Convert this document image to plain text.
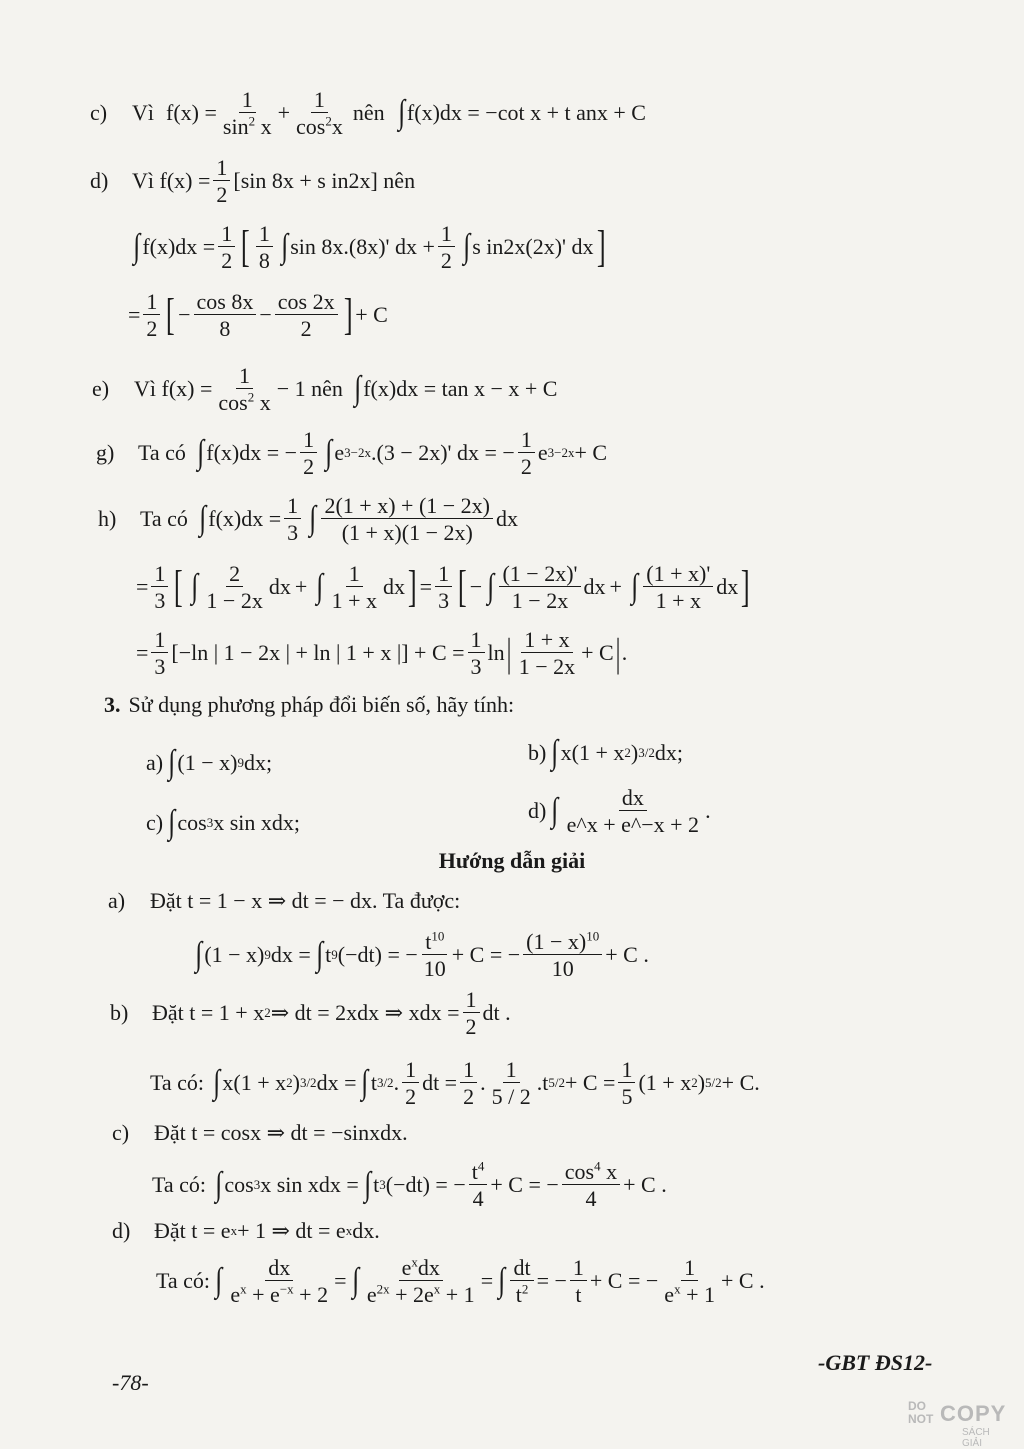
c)	Vì $f(x) = \frac{1}{\sin^2 x} + \frac{1}{\cos^2x}$ nên ∫ f(x)dx = −cot x + t anx + C
d)	Vì $f(x) = \frac{1}{2} [\sin$ 8x + s in2x] nên
∫ $f(x)dx = \frac{1}{2}$ [ $\frac{1}{8}$ ∫ sin 8x.(8x)' dx + $\frac{1}{2}$ ∫ s in2x(2x)' dx ]
= $\frac{1}{2}$ [ − $\frac{\cos 8x}{8} - \frac{\cos 2x}{2}$ ] + C
e)	Vì $f(x) = \frac{1}{\cos^2 x} - 1$ nên ∫ f(x)dx = tan x − x + C
g)	Ta có ∫ f(x)dx = − $\frac{1}{2}$ ∫ e 3−2x .(3 − 2x)' dx = − $\frac{1}{2}$ e 3−2x + C
h)	Ta có ∫ $f(x)dx = \frac{1}{3}$ ∫ $\frac{2(1 + x) + (1 - 2x)}{(1 + x)(1 - 2x)}$ dx
= $\frac{1}{3}$ [ ∫ $\frac{2}{1 - 2x}$ dx + ∫ $\frac{1}{1 + x}$ dx ] = $\frac{1}{3}$ [ − ∫ $\frac{(1 - 2x)'}{1 - 2x}$ dx + ∫ $\frac{(1 + x)'}{1 + x}$ dx ]
= $\frac{1}{3} [-\ln$ | 1 − 2x | + ln | 1 + x |] + $C = \frac{1}{3}$ ln | $\frac{1 + x}{1 - 2x} + C$ | .
3. Sử dụng phương pháp đổi biến số, hãy tính:
a) ∫ (1 − x) 9 dx;	b) ∫ x(1 + x 2 ) 3/2 dx;
c) ∫ cos 3 x sin xdx;	d) ∫ $\frac{dx}{e\^{}x + e\^{}-x + 2}$ .
Hướng dẫn giải
a)	Đặt t = 1 − x ⇒ dt = − dx. Ta được:
∫ (1 − x) 9 dx = ∫ t 9 (−dt) = − $\frac{t^{10}}{10} + C$ = − $\frac{(1 - x)^{10}}{10} + C$ .
b)	Đặt t = 1 + x 2 ⇒ dt = 2xdx ⇒ xdx = $\frac{1}{2}$ dt .
Ta có: ∫ x(1 + x 2 ) 3/2 dx = ∫ t 3/2 . $\frac{1}{2}$ dt = $\frac{1}{2}$ . $\frac{1}{5 / 2} .t$ $5/2 + C = \frac{1}{5} (1 + x$ 2 ) 5/2 + C.
c)	Đặt t = cosx ⇒ dt = −sinxdx.
Ta có: ∫ cos 3 x sin xdx = ∫ t 3 (−dt) = − $\frac{t^4}{4} + C$ = − $\frac{\cos^4 x}{4} + C$ .
d)	Đặt t = e x + 1 ⇒ dt = e x dx.
Ta có: ∫ $\frac{dx}{e^x + e^{-x} + 2}$ = ∫ $\frac{e^xdx}{e^{2x} + 2e^x + 1}$ = ∫ $\frac{dt}{t^2}$ = − $\frac{1}{t} + C$ = − $\frac{1}{e^x + 1} + C$ .
-78-
-GBT ĐS12-
DO
NOT COPY
SÁCH GIẢI
